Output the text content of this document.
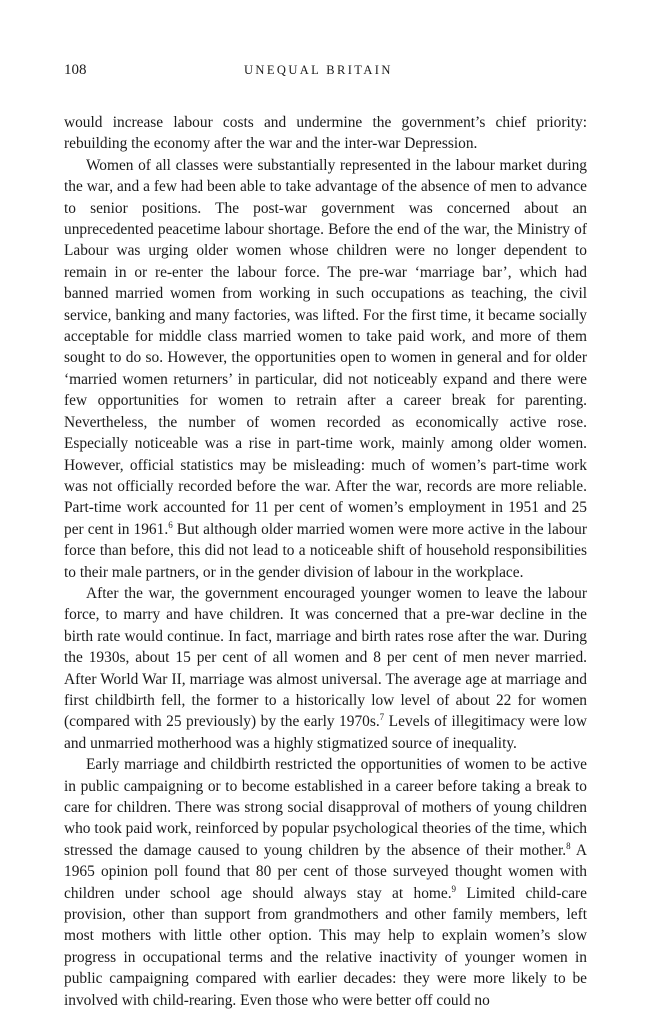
108	UNEQUAL BRITAIN

would increase labour costs and undermine the government’s chief priority: rebuilding the economy after the war and the inter-war Depression.

Women of all classes were substantially represented in the labour market during the war, and a few had been able to take advantage of the absence of men to advance to senior positions. The post-war government was concerned about an unprecedented peacetime labour shortage. Before the end of the war, the Ministry of Labour was urging older women whose children were no longer dependent to remain in or re-enter the labour force. The pre-war ‘marriage bar’, which had banned married women from working in such occupations as teaching, the civil service, banking and many factories, was lifted. For the first time, it became socially acceptable for middle class married women to take paid work, and more of them sought to do so. However, the opportunities open to women in general and for older ‘married women returners’ in particular, did not noticeably expand and there were few opportunities for women to retrain after a career break for parenting. Nevertheless, the number of women recorded as economically active rose. Especially noticeable was a rise in part-time work, mainly among older women. However, official statistics may be misleading: much of women’s part-time work was not officially recorded before the war. After the war, records are more reliable. Part-time work accounted for 11 per cent of women’s employment in 1951 and 25 per cent in 1961.$^6$ But although older married women were more active in the labour force than before, this did not lead to a noticeable shift of household responsibilities to their male partners, or in the gender division of labour in the workplace.

After the war, the government encouraged younger women to leave the labour force, to marry and have children. It was concerned that a pre-war decline in the birth rate would continue. In fact, marriage and birth rates rose after the war. During the 1930s, about 15 per cent of all women and 8 per cent of men never married. After World War II, marriage was almost universal. The average age at marriage and first childbirth fell, the former to a historically low level of about 22 for women (compared with 25 previously) by the early 1970s.$^7$ Levels of illegitimacy were low and unmarried motherhood was a highly stigmatized source of inequality.

Early marriage and childbirth restricted the opportunities of women to be active in public campaigning or to become established in a career before taking a break to care for children. There was strong social disapproval of mothers of young children who took paid work, reinforced by popular psychological theories of the time, which stressed the damage caused to young children by the absence of their mother.$^8$ A 1965 opinion poll found that 80 per cent of those surveyed thought women with children under school age should always stay at home.$^9$ Limited child-care provision, other than support from grandmothers and other family members, left most mothers with little other option. This may help to explain women’s slow progress in occupational terms and the relative inactivity of younger women in public campaigning compared with earlier decades: they were more likely to be involved with child-rearing. Even those who were better off could no
